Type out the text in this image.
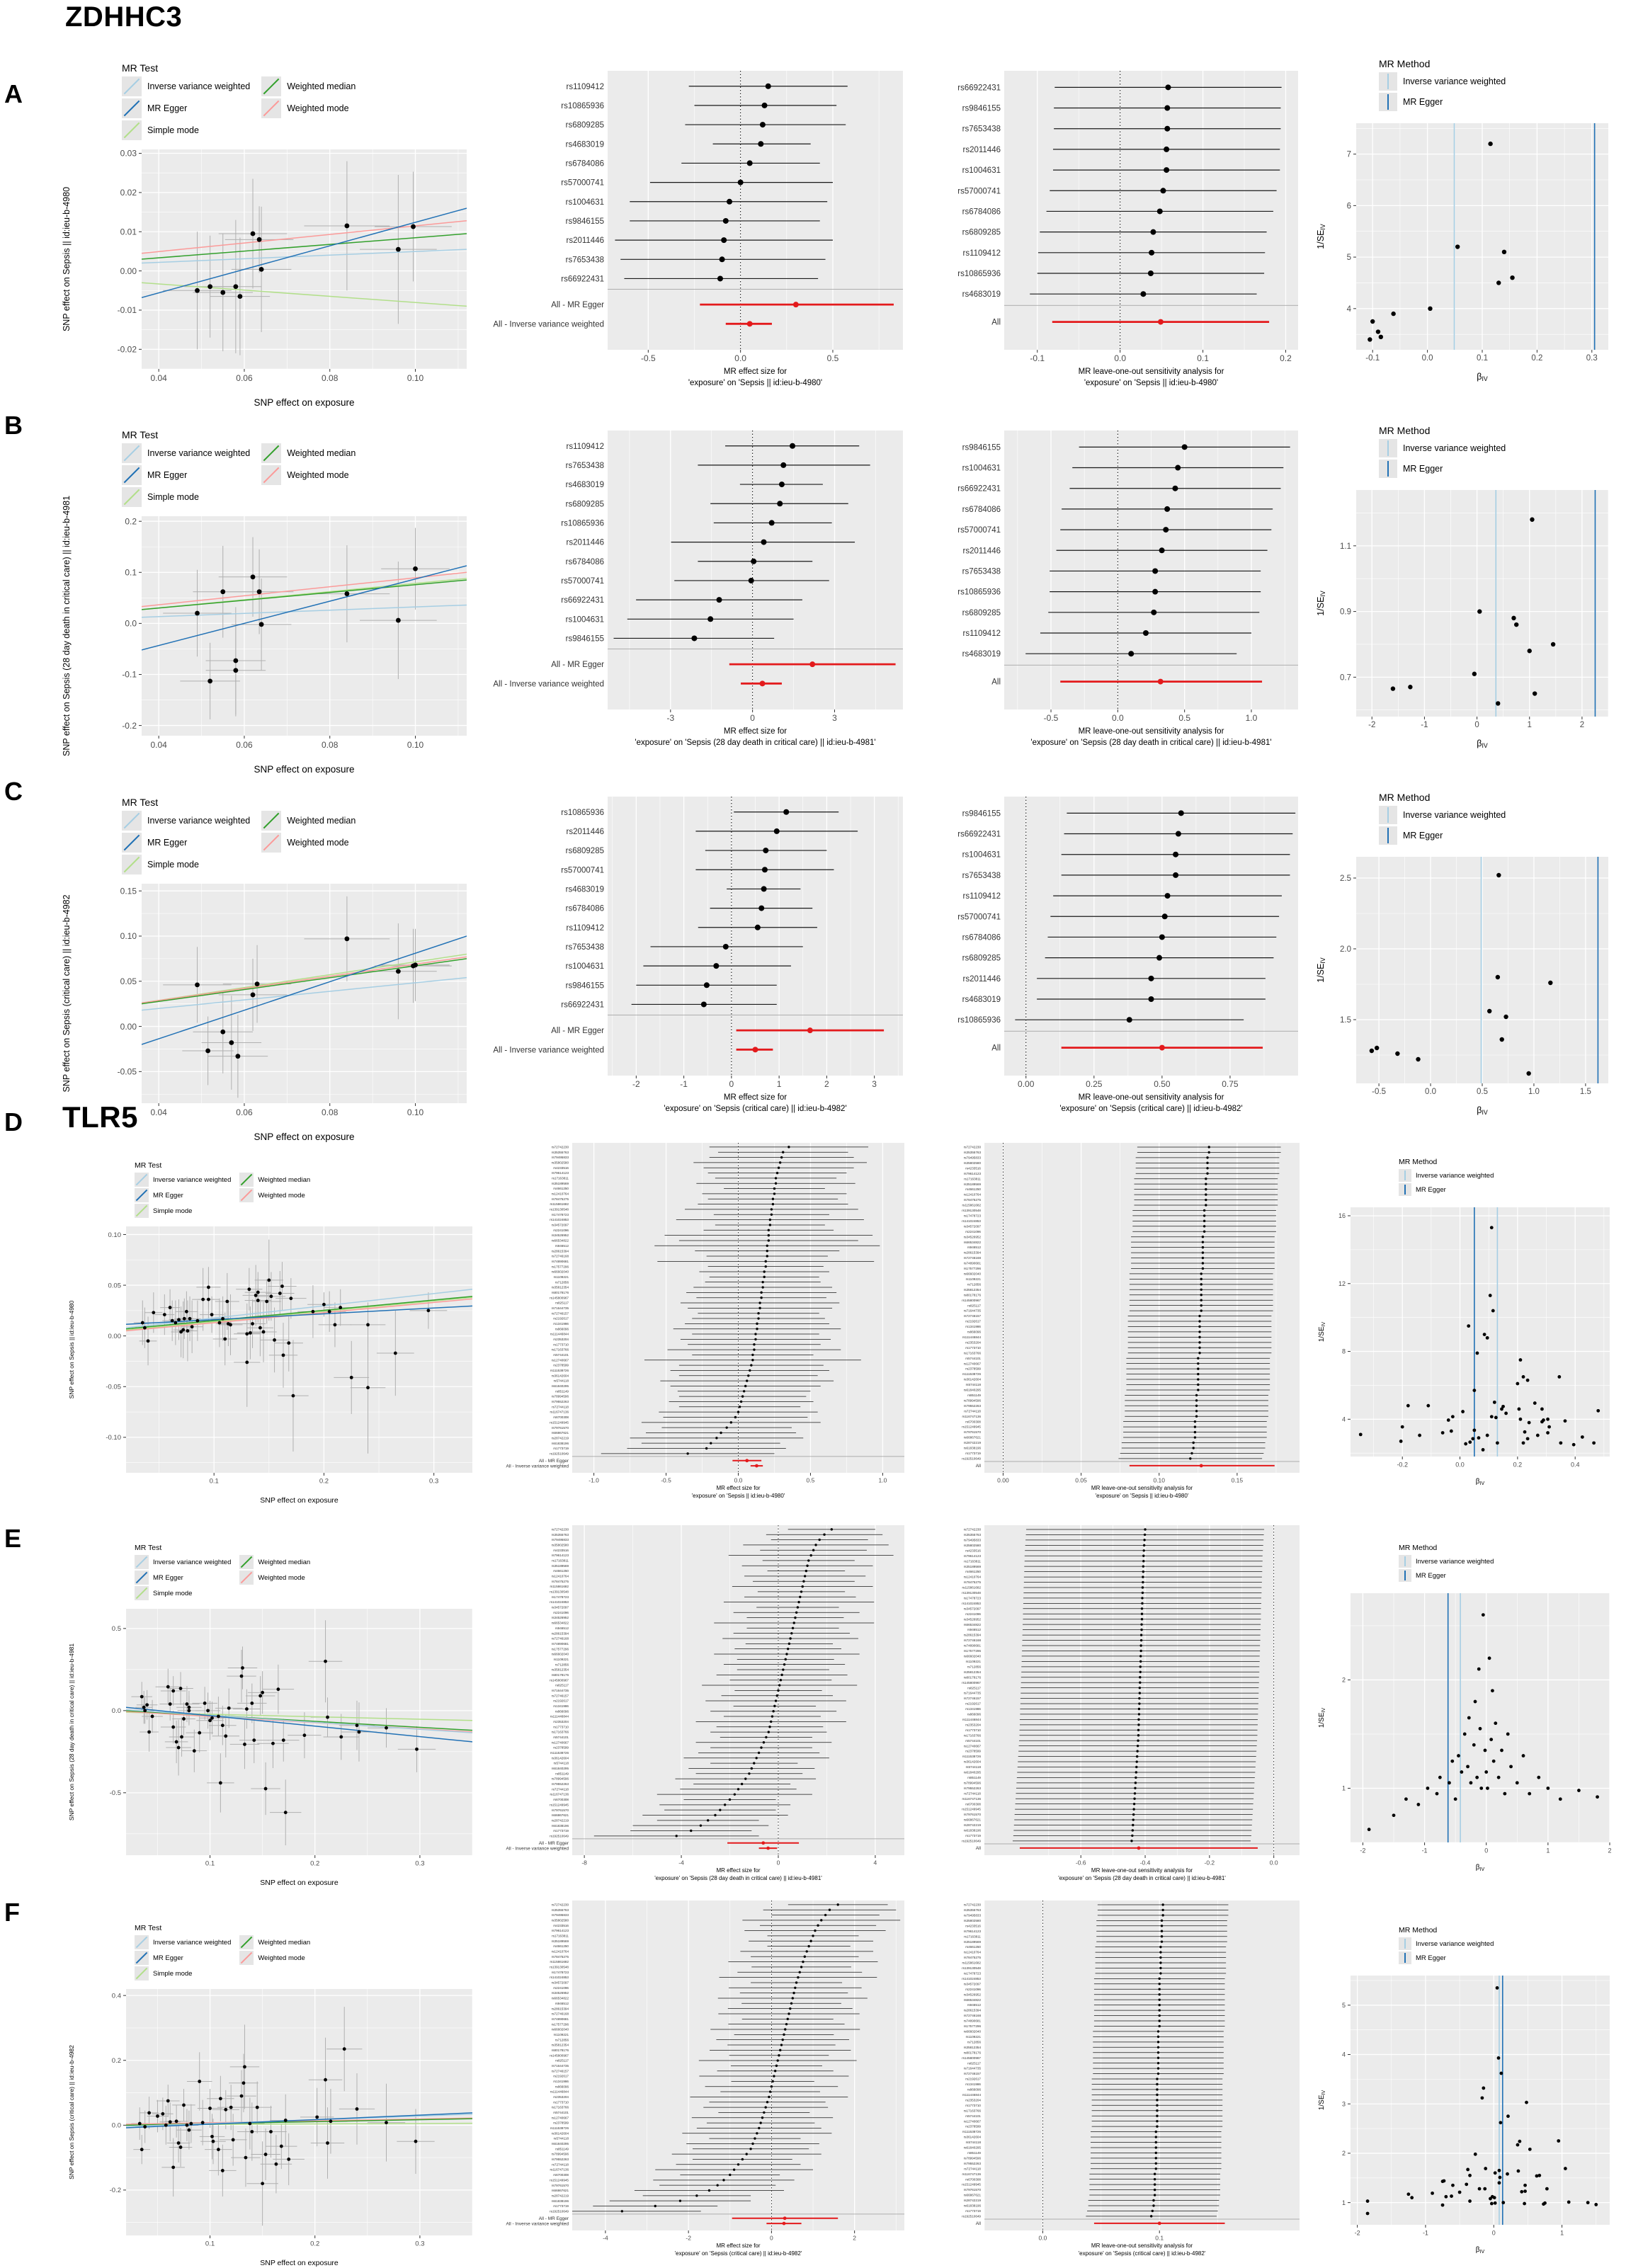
ZDHHC3
TLR5
A
MR Test
Inverse variance weighted
MR Egger
Simple mode
Weighted median
Weighted mode
0.04	0.06	0.08	0.10
-0.02
-0.01
0.00
0.01
0.02
0.03
SNP effect on exposure
SNP effect on Sepsis || id:ieu-b-4980
rs1109412
rs10865936
rs6809285
rs4683019
rs6784086
rs57000741
rs1004631
rs9846155
rs2011446
rs7653438
rs66922431
All - MR Egger
All - Inverse variance weighted
-0.5	0.0	0.5
MR effect size for
'exposure' on 'Sepsis || id:ieu-b-4980'
rs66922431
rs9846155
rs7653438
rs2011446
rs1004631
rs57000741
rs6784086
rs6809285
rs1109412
rs10865936
rs4683019
All
-0.1	0.0	0.1	0.2
MR leave-one-out sensitivity analysis for
'exposure' on 'Sepsis || id:ieu-b-4980'
MR Method
Inverse variance weighted
MR Egger
-0.1	0.0	0.1	0.2	0.3
4
5
6
7
βIV
1/SEIV
B	MR Test
Inverse variance weighted
MR Egger
Simple mode
Weighted median
Weighted mode
0.04	0.06	0.08	0.10
-0.2
-0.1
0.0
0.1
0.2
SNP effect on exposure
SNP effect on Sepsis (28 day death in critical care) || id:ieu-b-4981
rs1109412
rs7653438
rs4683019
rs6809285
rs10865936
rs2011446
rs6784086
rs57000741
rs66922431
rs1004631
rs9846155
All - MR Egger
All - Inverse variance weighted
-3	0	3
MR effect size for
'exposure' on 'Sepsis (28 day death in critical care) || id:ieu-b-4981'
rs9846155
rs1004631
rs66922431
rs6784086
rs57000741
rs2011446
rs7653438
rs10865936
rs6809285
rs1109412
rs4683019
All
-0.5	0.0	0.5	1.0
MR leave-one-out sensitivity analysis for
'exposure' on 'Sepsis (28 day death in critical care) || id:ieu-b-4981'
MR Method
Inverse variance weighted
MR Egger
-2	-1	0	1	2
0.7
0.9
1.1
βIV
1/SEIV
C	MR Test
Inverse variance weighted
MR Egger
Simple mode
Weighted median
Weighted mode
0.04	0.06	0.08	0.10
-0.05
0.00
0.05
0.10
0.15
SNP effect on exposure
SNP effect on Sepsis (critical care) || id:ieu-b-4982
rs10865936
rs2011446
rs6809285
rs57000741
rs4683019
rs6784086
rs1109412
rs7653438
rs1004631
rs9846155
rs66922431
All - MR Egger
All - Inverse variance weighted
-2	-1	0	1	2	3
MR effect size for
'exposure' on 'Sepsis (critical care) || id:ieu-b-4982'
rs9846155
rs66922431
rs1004631
rs7653438
rs1109412
rs57000741
rs6784086
rs6809285
rs2011446
rs4683019
rs10865936
All
0.00	0.25	0.50	0.75
MR leave-one-out sensitivity analysis for
'exposure' on 'Sepsis (critical care) || id:ieu-b-4982'
MR Method
Inverse variance weighted
MR Egger
-0.5	0.0	0.5	1.0	1.5
1.5
2.0
2.5
βIV
1/SEIV
D
MR Test
Inverse variance weighted
MR Egger
Simple mode
Weighted median
Weighted mode
0.1	0.2	0.3
-0.10
-0.05
0.00
0.05
0.10
SNP effect on exposure
SNP effect on Sepsis || id:ieu-b-4980
rs72742230
rs35355763
rs79495833
rs35802580
rs4233516
rs79614123
rs17163811
rs35189569
rs4661250
rs12410764
rs78475275
rs115861682
rs139130548
rs17478723
rs141024853
rs34572097
rs2241096
rs34526952
rs66534822
rs946512
rs28615394
rs72746168
rs74890681
rs17577296
rs66602040
rs1109221
rs712856
rs35812354
rs80178176
rs145800967
rs825117
rs71644735
rs72746157
rs2192617
rs1341986
rs866096
rs111446844
rs2353204
rs1773710
rs17163766
rs5744101
rs12740667
rs2378599
rs111538726
rs36142604
rs5744118
rs61840295
rs851149
rs78994596
rs79552263
rs72744118
rs116747136
rs6700308
rs151249945
rs79761570
rs66867621
rs28742219
rs61838196
rs1773719
rs192510649
All - MR Egger
All - Inverse variance weighted
-1.0	-0.5	0.0	0.5	1.0
MR effect size for
'exposure' on 'Sepsis || id:ieu-b-4980'
rs72742230
rs35355763
rs79495833
rs35802580
rs4233516
rs79614123
rs17163811
rs35189569
rs4661250
rs12410764
rs78475275
rs115861682
rs139130548
rs17478723
rs141024853
rs34572097
rs2241096
rs34526952
rs66534822
rs946512
rs28615394
rs72746168
rs74890681
rs17577296
rs66602040
rs1109221
rs712856
rs35812354
rs80178176
rs145800967
rs825117
rs71644735
rs72746157
rs2192617
rs1341986
rs866096
rs111446844
rs2353204
rs1773710
rs17163766
rs5744101
rs12740667
rs2378599
rs111538726
rs36142604
rs5744118
rs61840295
rs851149
rs78994596
rs79552263
rs72744118
rs116747136
rs6700308
rs151249945
rs79761570
rs66867621
rs28742219
rs61838196
rs1773719
rs192510649
All
0.00	0.05	0.10	0.15
MR leave-one-out sensitivity analysis for
'exposure' on 'Sepsis || id:ieu-b-4980'
MR Method
Inverse variance weighted
MR Egger
-0.2	0.0	0.2	0.4
4
8
12
16
$\beta_{IV}$
$1/SE_{IV}$
E	MR Test
Inverse variance weighted
MR Egger
Simple mode
Weighted median
Weighted mode
0.1	0.2	0.3
-0.5
0.0
0.5
SNP effect on exposure
SNP effect on Sepsis (28 day death in critical care) || id:ieu-b-4981
rs72742230
rs35355763
rs79495833
rs35802580
rs4233516
rs79614123
rs17163811
rs35189569
rs4661250
rs12410764
rs78475275
rs115861682
rs139130548
rs17478723
rs141024853
rs34572097
rs2241096
rs34526952
rs66534822
rs946512
rs28615394
rs72746168
rs74890681
rs17577296
rs66602040
rs1109221
rs712856
rs35812354
rs80178176
rs145800967
rs825117
rs71644735
rs72746157
rs2192617
rs1341986
rs866096
rs111446844
rs2353204
rs1773710
rs17163766
rs5744101
rs12740667
rs2378599
rs111538726
rs36142604
rs5744118
rs61840295
rs851149
rs78994596
rs79552263
rs72744118
rs116747136
rs6700308
rs151249945
rs79761570
rs66867621
rs28742219
rs61838196
rs1773719
rs192510649
All - MR Egger
All - Inverse variance weighted
-8	-4	0	4
MR effect size for
'exposure' on 'Sepsis (28 day death in critical care) || id:ieu-b-4981'
rs72742230
rs35355763
rs79495833
rs35802580
rs4233516
rs79614123
rs17163811
rs35189569
rs4661250
rs12410764
rs78475275
rs115861682
rs139130548
rs17478723
rs141024853
rs34572097
rs2241096
rs34526952
rs66534822
rs946512
rs28615394
rs72746168
rs74890681
rs17577296
rs66602040
rs1109221
rs712856
rs35812354
rs80178176
rs145800967
rs825117
rs71644735
rs72746157
rs2192617
rs1341986
rs866096
rs111446844
rs2353204
rs1773710
rs17163766
rs5744101
rs12740667
rs2378599
rs111538726
rs36142604
rs5744118
rs61840295
rs851149
rs78994596
rs79552263
rs72744118
rs116747136
rs6700308
rs151249945
rs79761570
rs66867621
rs28742219
rs61838196
rs1773719
rs192510649
All
-0.6	-0.4	-0.2	0.0
MR leave-one-out sensitivity analysis for
'exposure' on 'Sepsis (28 day death in critical care) || id:ieu-b-4981'
MR Method
Inverse variance weighted
MR Egger
-2	-1	0	1	2
1
2
$\beta_{IV}$
$1/SE_{IV}$
F
MR Test
Inverse variance weighted
MR Egger
Simple mode
Weighted median
Weighted mode
0.1	0.2	0.3
-0.2
0.0
0.2
0.4
SNP effect on exposure
SNP effect on Sepsis (critical care) || id:ieu-b-4982
rs72742230
rs35355763
rs79495833
rs35802580
rs4233516
rs79614123
rs17163811
rs35189569
rs4661250
rs12410764
rs78475275
rs115861682
rs139130548
rs17478723
rs141024853
rs34572097
rs2241096
rs34526952
rs66534822
rs946512
rs28615394
rs72746168
rs74890681
rs17577296
rs66602040
rs1109221
rs712856
rs35812354
rs80178176
rs145800967
rs825117
rs71644735
rs72746157
rs2192617
rs1341986
rs866096
rs111446844
rs2353204
rs1773710
rs17163766
rs5744101
rs12740667
rs2378599
rs111538726
rs36142604
rs5744118
rs61840295
rs851149
rs78994596
rs79552263
rs72744118
rs116747136
rs6700308
rs151249945
rs79761570
rs66867621
rs28742219
rs61838196
rs1773719
rs192510649
All - MR Egger
All - Inverse variance weighted
-4	-2	0	2
MR effect size for
'exposure' on 'Sepsis (critical care) || id:ieu-b-4982'
rs72742230
rs35355763
rs79495833
rs35802580
rs4233516
rs79614123
rs17163811
rs35189569
rs4661250
rs12410764
rs78475275
rs115861682
rs139130548
rs17478723
rs141024853
rs34572097
rs2241096
rs34526952
rs66534822
rs946512
rs28615394
rs72746168
rs74890681
rs17577296
rs66602040
rs1109221
rs712856
rs35812354
rs80178176
rs145800967
rs825117
rs71644735
rs72746157
rs2192617
rs1341986
rs866096
rs111446844
rs2353204
rs1773710
rs17163766
rs5744101
rs12740667
rs2378599
rs111538726
rs36142604
rs5744118
rs61840295
rs851149
rs78994596
rs79552263
rs72744118
rs116747136
rs6700308
rs151249945
rs79761570
rs66867621
rs28742219
rs61838196
rs1773719
rs192510649
All
0.0	0.1
MR leave-one-out sensitivity analysis for
'exposure' on 'Sepsis (critical care) || id:ieu-b-4982'
MR Method
Inverse variance weighted
MR Egger
-2	-1	0	1
1
2
3
4
5
$\beta_{IV}$
$1/SE_{IV}$
